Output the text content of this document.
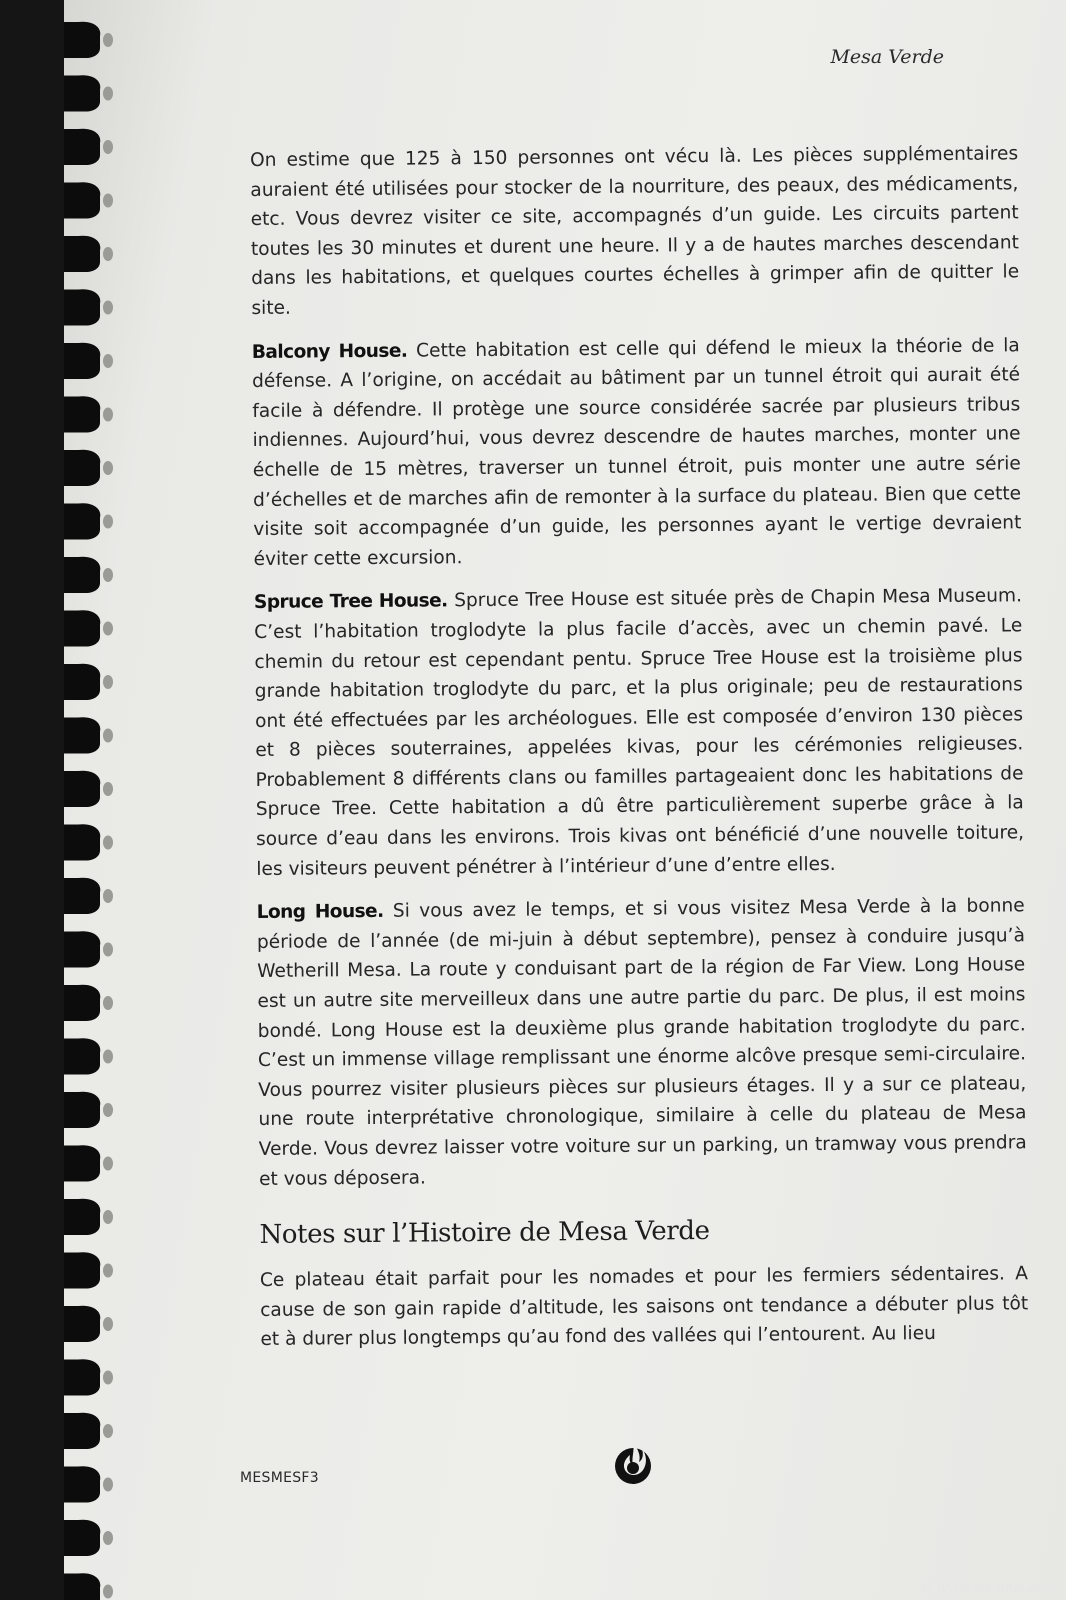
Mesa Verde

On estime que 125 à 150 personnes ont vécu là. Les pièces supplémentaires auraient été utilisées pour stocker de la nourriture, des peaux, des médicaments, etc. Vous devrez visiter ce site, accompagnés d’un guide. Les circuits partent toutes les 30 minutes et durent une heure. Il y a de hautes marches descendant dans les habitations, et quelques courtes échelles à grimper afin de quitter le site.

Balcony House. Cette habitation est celle qui défend le mieux la théorie de la défense. A l’origine, on accédait au bâtiment par un tunnel étroit qui aurait été facile à défendre. Il protège une source considérée sacrée par plusieurs tribus indiennes. Aujourd’hui, vous devrez descendre de hautes marches, monter une échelle de 15 mètres, traverser un tunnel étroit, puis monter une autre série d’échelles et de marches afin de remonter à la surface du plateau. Bien que cette visite soit accompagnée d’un guide, les personnes ayant le vertige devraient éviter cette excursion.

Spruce Tree House. Spruce Tree House est située près de Chapin Mesa Museum. C’est l’habitation troglodyte la plus facile d’accès, avec un chemin pavé. Le chemin du retour est cependant pentu. Spruce Tree House est la troisième plus grande habitation troglodyte du parc, et la plus originale; peu de restaurations ont été effectuées par les archéologues. Elle est composée d’environ 130 pièces et 8 pièces souterraines, appelées kivas, pour les cérémonies religieuses. Probablement 8 différents clans ou familles partageaient donc les habitations de Spruce Tree. Cette habitation a dû être particulièrement superbe grâce à la source d’eau dans les environs. Trois kivas ont bénéficié d’une nouvelle toiture, les visiteurs peuvent pénétrer à l’intérieur d’une d’entre elles.

Long House. Si vous avez le temps, et si vous visitez Mesa Verde à la bonne période de l’année (de mi-juin à début septembre), pensez à conduire jusqu’à Wetherill Mesa. La route y conduisant part de la région de Far View. Long House est un autre site merveilleux dans une autre partie du parc. De plus, il est moins bondé. Long House est la deuxième plus grande habitation troglodyte du parc. C’est un immense village remplissant une énorme alcôve presque semi-circulaire. Vous pourrez visiter plusieurs pièces sur plusieurs étages. Il y a sur ce plateau, une route interprétative chronologique, similaire à celle du plateau de Mesa Verde. Vous devrez laisser votre voiture sur un parking, un tramway vous prendra et vous déposera.

Notes sur l’Histoire de Mesa Verde

Ce plateau était parfait pour les nomades et pour les fermiers sédentaires. A cause de son gain rapide d’altitude, les saisons ont tendance a débuter plus tôt et à durer plus longtemps qu’au fond des vallées qui l’entourent. Au lieu

MESMESF3
© www.les-fifus.com
